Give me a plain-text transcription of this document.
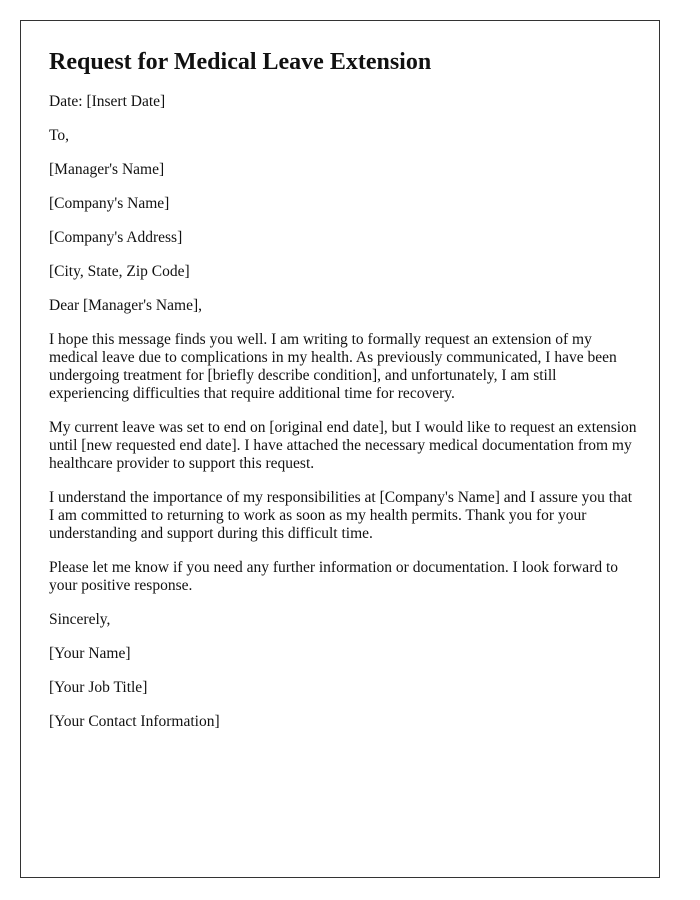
Request for Medical Leave Extension

Date: [Insert Date]

To,

[Manager's Name]

[Company's Name]

[Company's Address]

[City, State, Zip Code]

Dear [Manager's Name],

I hope this message finds you well. I am writing to formally request an extension of my medical leave due to complications in my health. As previously communicated, I have been undergoing treatment for [briefly describe condition], and unfortunately, I am still experiencing difficulties that require additional time for recovery.

My current leave was set to end on [original end date], but I would like to request an extension until [new requested end date]. I have attached the necessary medical documentation from my healthcare provider to support this request.

I understand the importance of my responsibilities at [Company's Name] and I assure you that I am committed to returning to work as soon as my health permits. Thank you for your understanding and support during this difficult time.

Please let me know if you need any further information or documentation. I look forward to your positive response.

Sincerely,

[Your Name]

[Your Job Title]

[Your Contact Information]
